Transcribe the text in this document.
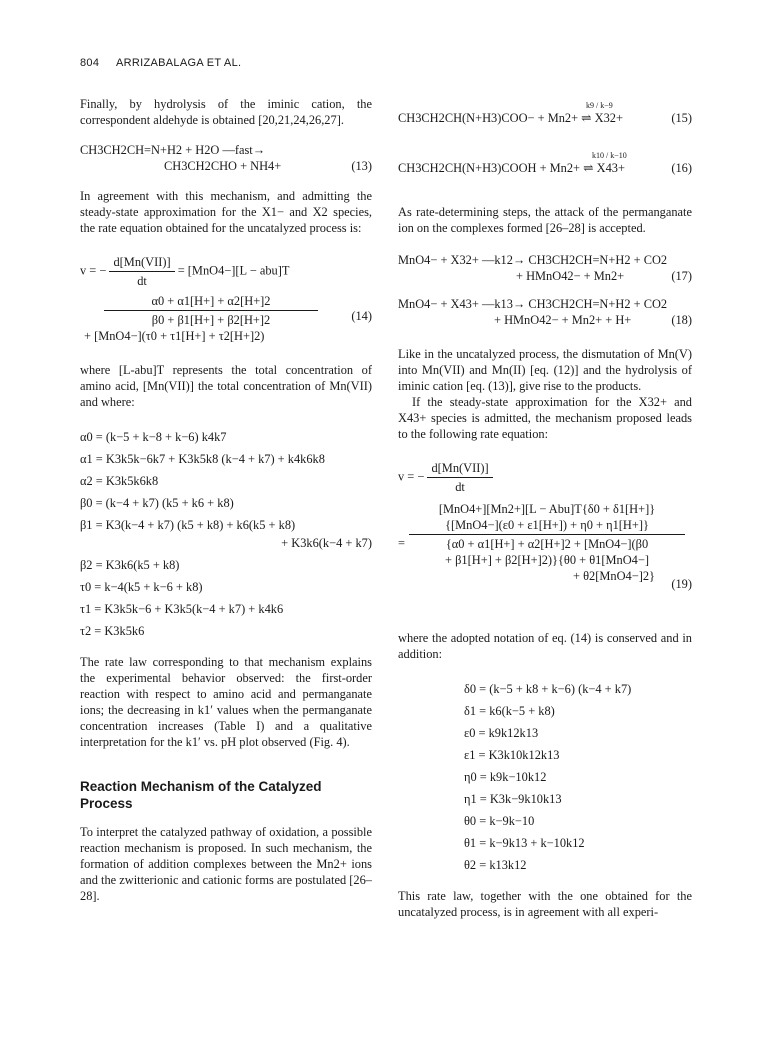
804 ARRIZABALAGA ET AL.

Finally, by hydrolysis of the iminic cation, the correspondent aldehyde is obtained [20,21,24,26,27].

CH3CH2CH=N+H2 + H2O —fast→
CH3CH2CHO + NH4+	(13)

In agreement with this mechanism, and admitting the steady-state approximation for the X1− and X2 species, the rate equation obtained for the uncatalyzed process is:

v = − $\frac{\text{d[Mn(VII)]}}{dt} = [MnO4-][L - abu]T$
$\frac{\alpha 0 + \alpha 1[H+] + \alpha 2[H+]2}{\beta 0 + \beta 1[H+] + \beta 2[H+]2}$
+ [MnO4−](τ0 + τ1[H+] + τ2[H+]2)
(14)

where [L-abu]T represents the total concentration of amino acid, [Mn(VII)] the total concentration of Mn(VII) and where:

α0 = (k−5 + k−8 + k−6) k4k7
α1 = K3k5k−6k7 + K3k5k8 (k−4 + k7) + k4k6k8
α2 = K3k5k6k8
β0 = (k−4 + k7) (k5 + k6 + k8)
β1 = K3(k−4 + k7) (k5 + k8) + k6(k5 + k8)
+ K3k6(k−4 + k7)
β2 = K3k6(k5 + k8)
τ0 = k−4(k5 + k−6 + k8)
τ1 = K3k5k−6 + K3k5(k−4 + k7) + k4k6
τ2 = K3k5k6

The rate law corresponding to that mechanism explains the experimental behavior observed: the first-order reaction with respect to amino acid and permanganate ions; the decreasing in k1′ values when the permanganate concentration increases (Table I) and a qualitative interpretation for the k1′ vs. pH plot observed (Fig. 4).

Reaction Mechanism of the Catalyzed Process

To interpret the catalyzed pathway of oxidation, a possible reaction mechanism is proposed. In such mechanism, the formation of addition complexes between the Mn2+ ions and the zwitterionic and cationic forms are postulated [26–28].

CH3CH2CH(N+H3)COO− + Mn2+ ⇌ X32+	(15)
k9 / k−9
CH3CH2CH(N+H3)COOH + Mn2+ ⇌ X43+	(16)
k10 / k−10

As rate-determining steps, the attack of the permanganate ion on the complexes formed [26–28] is accepted.

MnO4− + X32+ —k12→ CH3CH2CH=N+H2 + CO2
+ HMnO42− + Mn2+	(17)
MnO4− + X43+ —k13→ CH3CH2CH=N+H2 + CO2
+ HMnO42− + Mn2+ + H+	(18)

Like in the uncatalyzed process, the dismutation of Mn(V) into Mn(VII) and Mn(II) [eq. (12)] and the hydrolysis of iminic cation [eq. (13)], give rise to the products.

If the steady-state approximation for the X32+ and X43+ species is admitted, the mechanism proposed leads to the following rate equation:

v = − $\frac{\text{d[Mn(VII)]}}{dt}$
=
[MnO4+][Mn2+][L − Abu]T{δ0 + δ1[H+]}
{[MnO4−](ε0 + ε1[H+]) + η0 + η1[H+]}
{α0 + α1[H+] + α2[H+]2 + [MnO4−](β0
+ β1[H+] + β2[H+]2)}{θ0 + θ1[MnO4−]
+ θ2[MnO4−]2}
(19)

where the adopted notation of eq. (14) is conserved and in addition:

δ0 = (k−5 + k8 + k−6) (k−4 + k7)
δ1 = k6(k−5 + k8)
ε0 = k9k12k13
ε1 = K3k10k12k13
η0 = k9k−10k12
η1 = K3k−9k10k13
θ0 = k−9k−10
θ1 = k−9k13 + k−10k12
θ2 = k13k12

This rate law, together with the one obtained for the uncatalyzed process, is in agreement with all experi-
